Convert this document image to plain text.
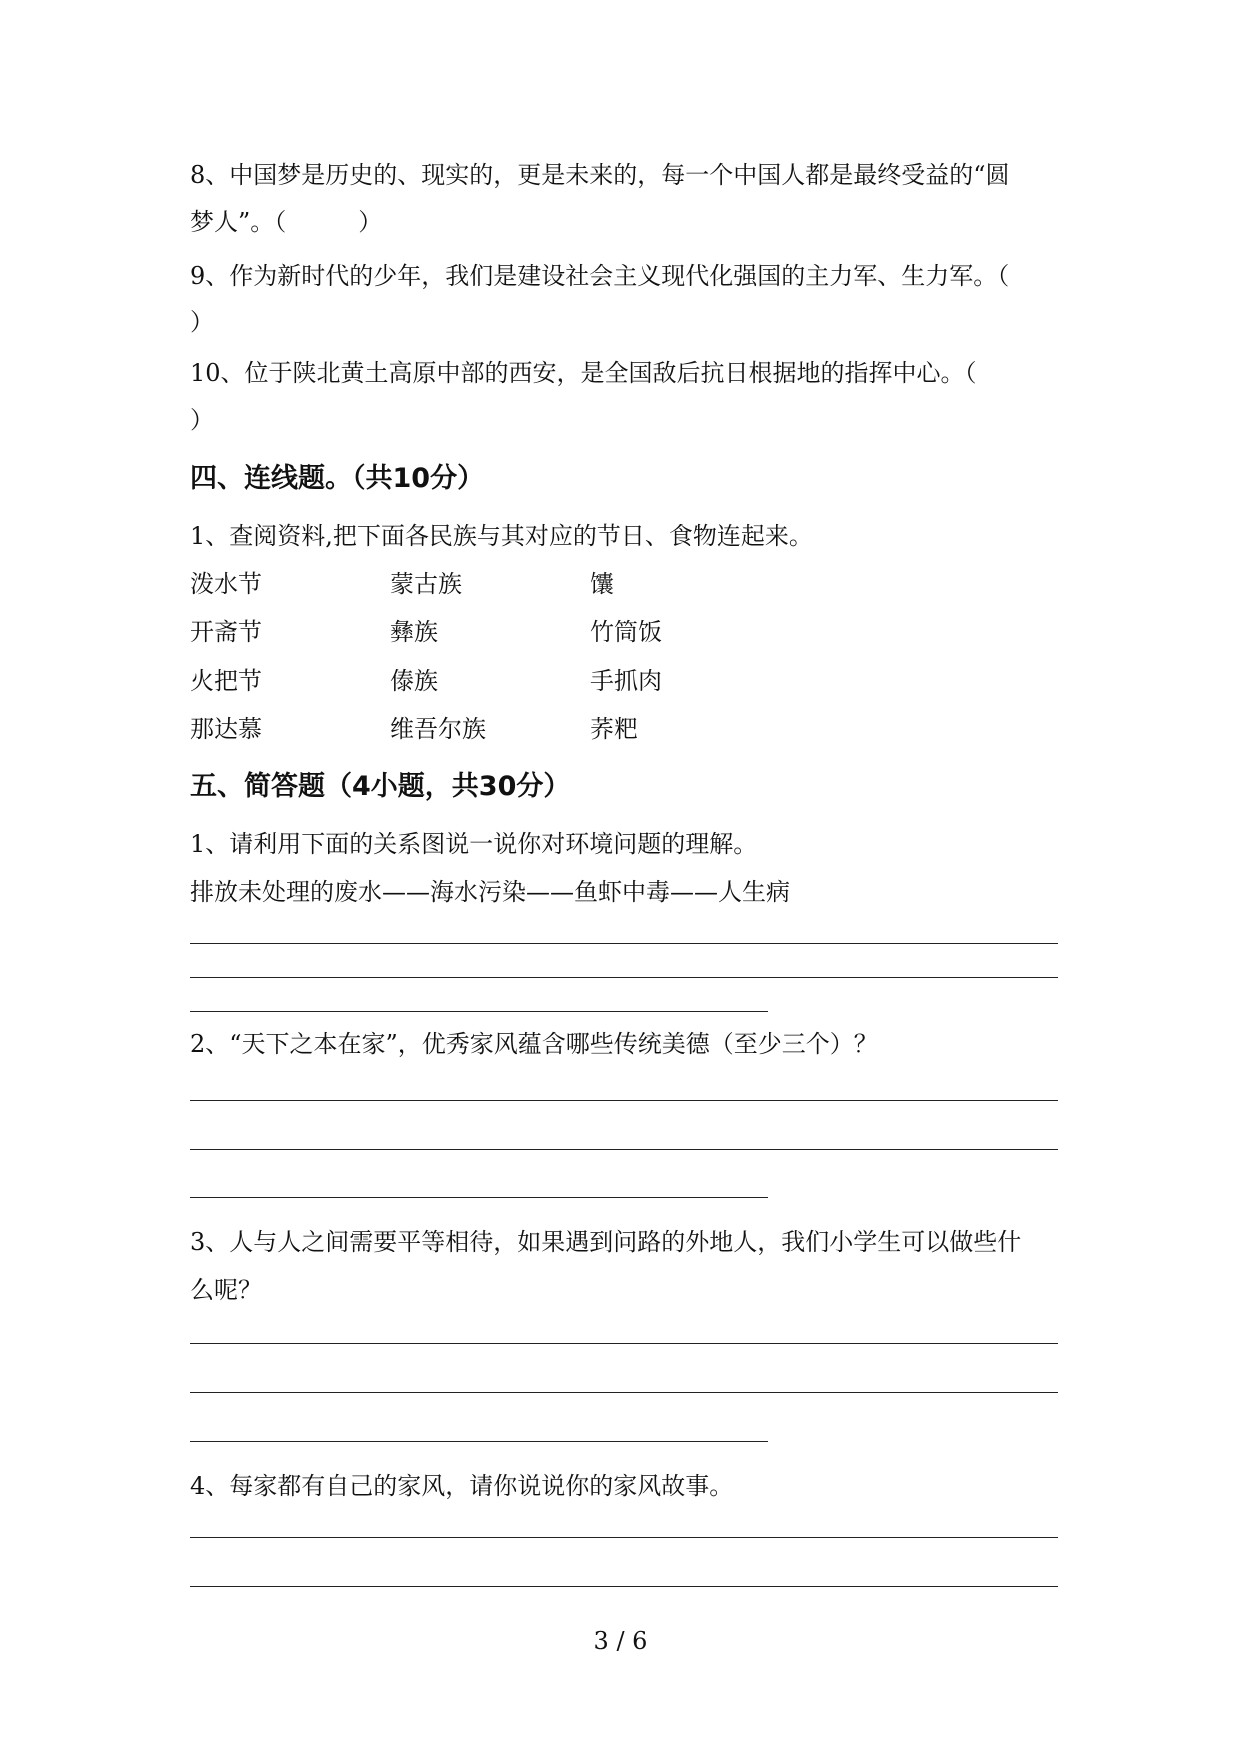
8、中国梦是历史的、现实的，更是未来的，每一个中国人都是最终受益的“圆
梦人”。（　　　）
9、作为新时代的少年，我们是建设社会主义现代化强国的主力军、生力军。（
）
10、位于陕北黄土高原中部的西安，是全国敌后抗日根据地的指挥中心。（
）
四、连线题。（共10分）
1、查阅资料,把下面各民族与其对应的节日、食物连起来。
泼水节	蒙古族	馕
开斋节	彝族	竹筒饭
火把节	傣族	手抓肉
那达慕	维吾尔族	荞粑
五、简答题（4小题，共30分）
1、请利用下面的关系图说一说你对环境问题的理解。
排放未处理的废水——海水污染——鱼虾中毒——人生病
2、“天下之本在家”，优秀家风蕴含哪些传统美德（至少三个）？
3、人与人之间需要平等相待，如果遇到问路的外地人，我们小学生可以做些什
么呢？
4、每家都有自己的家风，请你说说你的家风故事。
3 / 6
